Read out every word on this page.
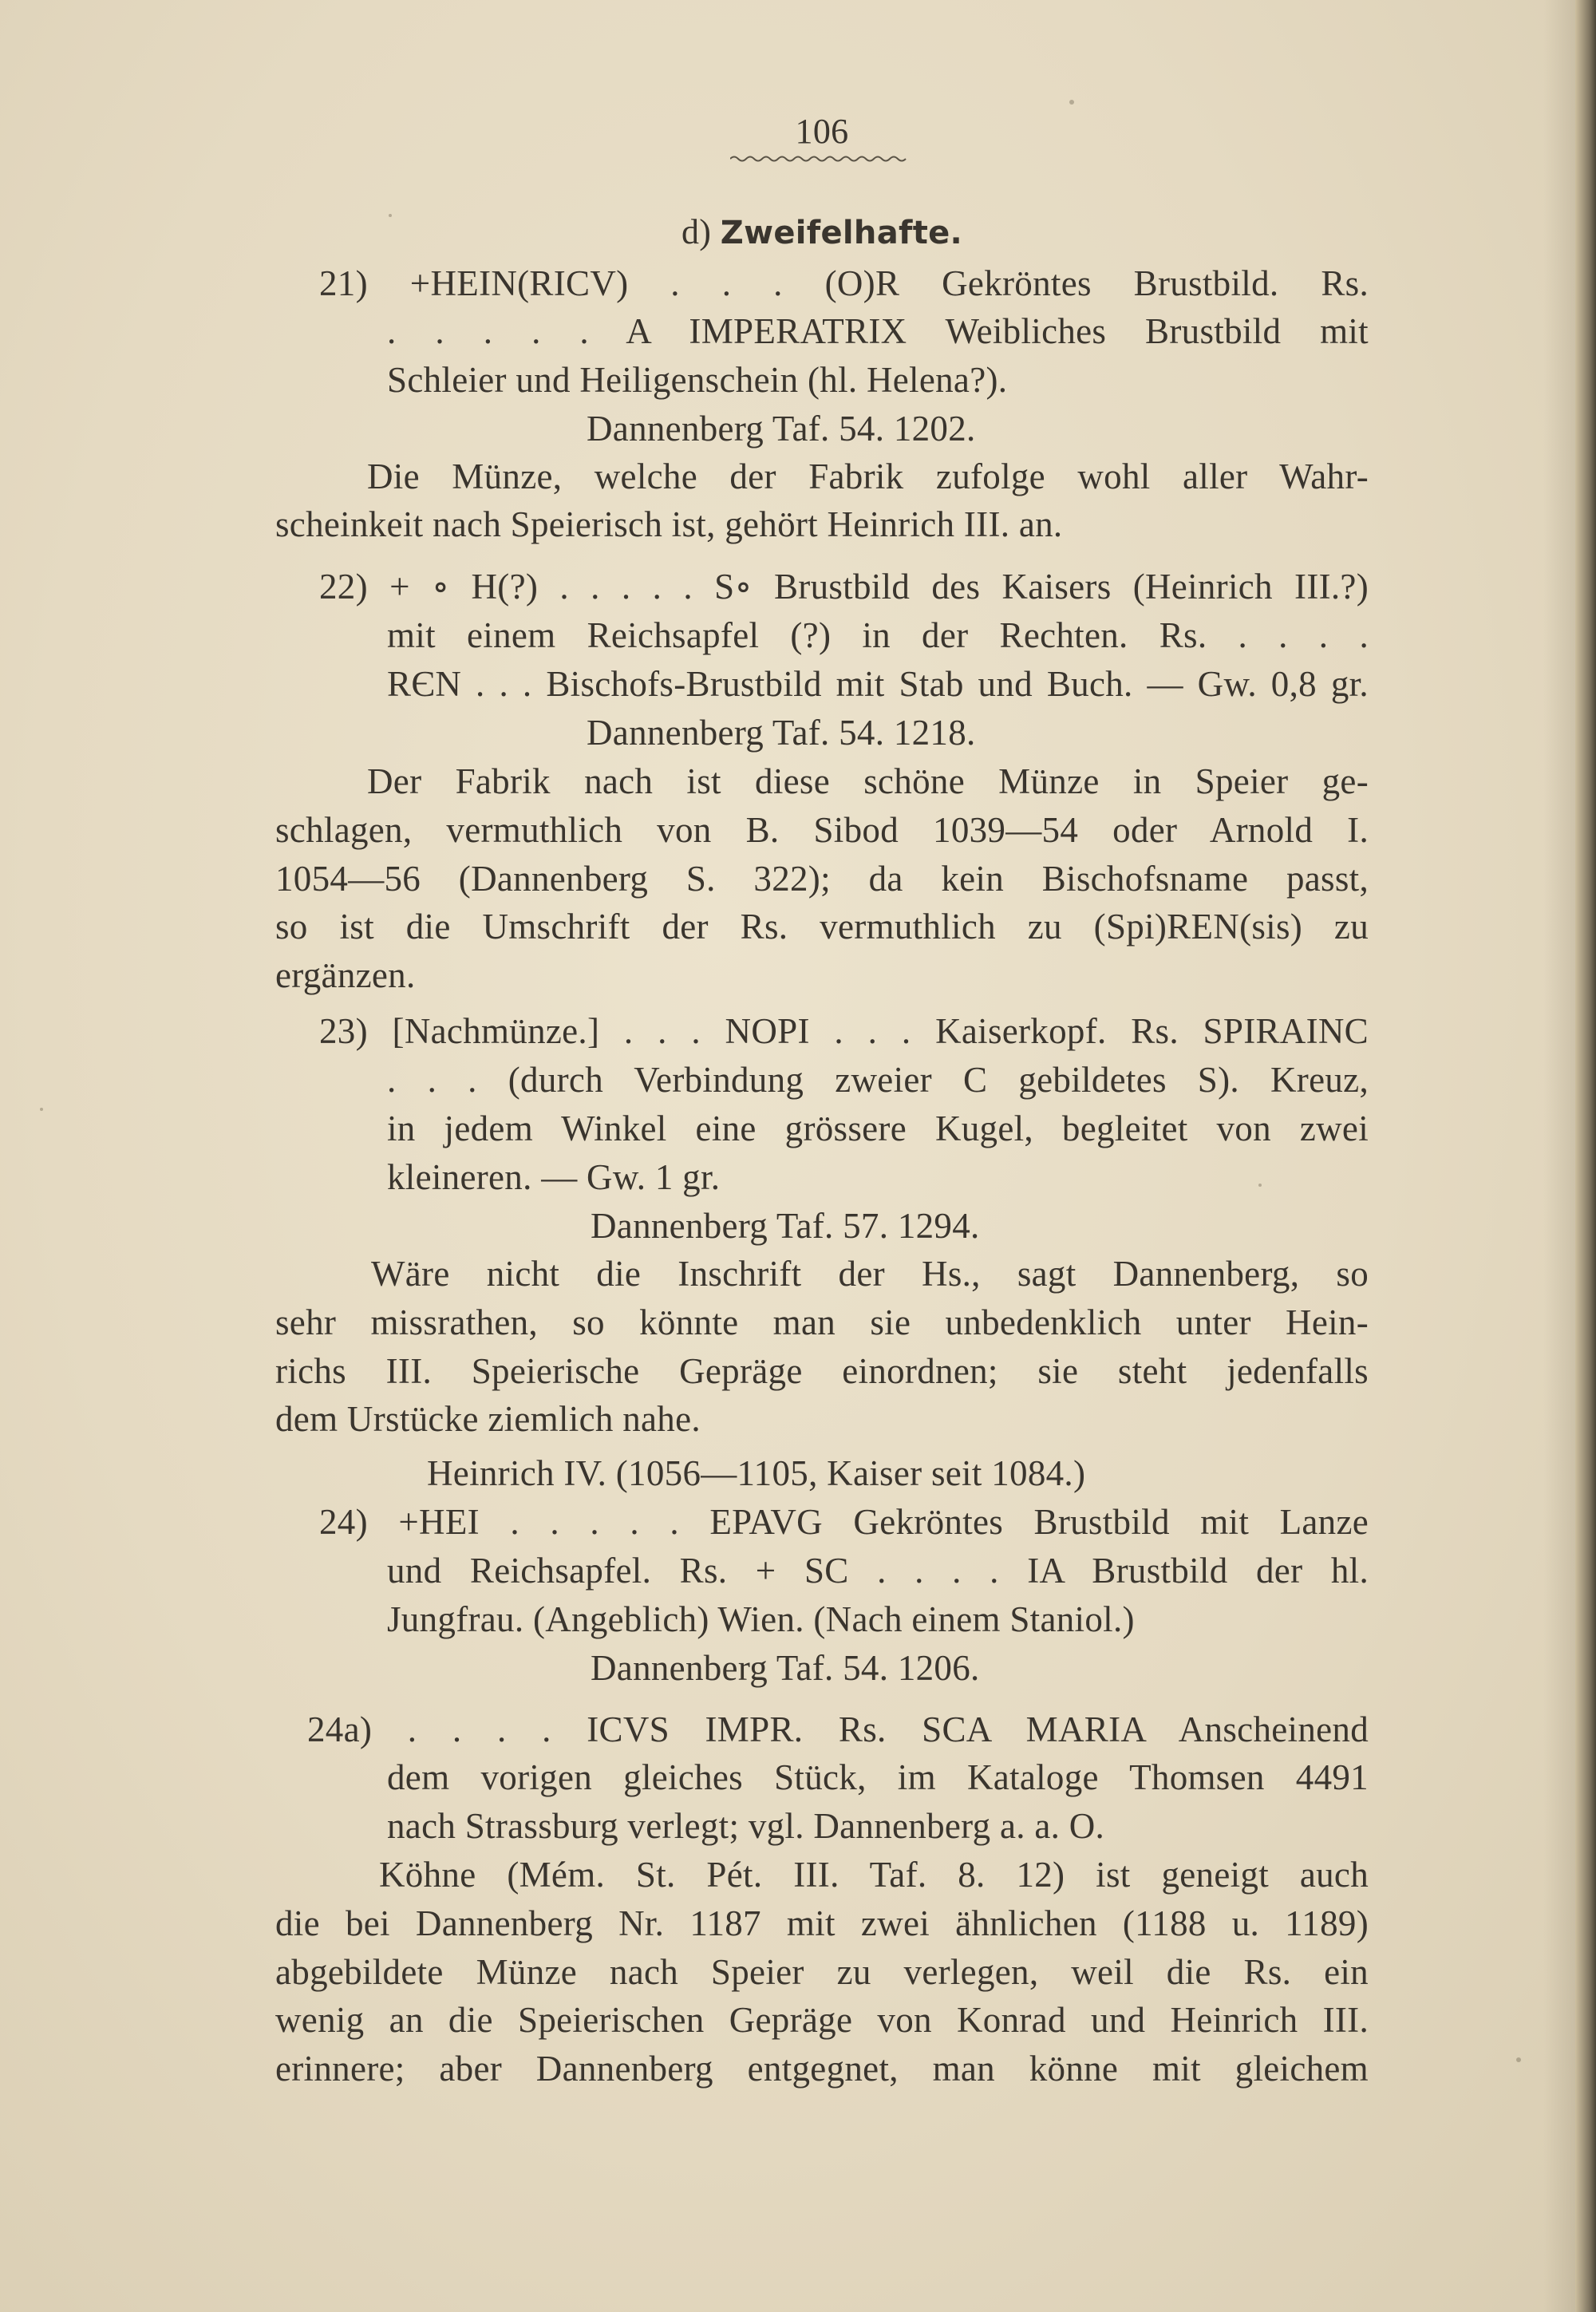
106
d) Zweifelhafte.
21) +HEIN(RICV) . . . (O)R Gekröntes Brustbild. Rs.
. . . . . A IMPERATRIX Weibliches Brustbild mit
Schleier und Heiligenschein (hl. Helena?).
Dannenberg Taf. 54. 1202.
Die Münze, welche der Fabrik zufolge wohl aller Wahr-
scheinkeit nach Speierisch ist, gehört Heinrich III. an.
22) + ∘ H(?) . . . . . S∘ Brustbild des Kaisers (Heinrich III.?)
mit einem Reichsapfel (?) in der Rechten. Rs. . . . .
RЄN . . . Bischofs-Brustbild mit Stab und Buch. — Gw. 0,8 gr.
Dannenberg Taf. 54. 1218.
Der Fabrik nach ist diese schöne Münze in Speier ge-
schlagen, vermuthlich von B. Sibod 1039—54 oder Arnold I.
1054—56 (Dannenberg S. 322); da kein Bischofsname passt,
so ist die Umschrift der Rs. vermuthlich zu (Spi)REN(sis) zu
ergänzen.
23) [Nachmünze.] . . . NOPI . . . Kaiserkopf. Rs. SPIRAINC
. . . (durch Verbindung zweier C gebildetes S). Kreuz,
in jedem Winkel eine grössere Kugel, begleitet von zwei
kleineren. — Gw. 1 gr.
Dannenberg Taf. 57. 1294.
Wäre nicht die Inschrift der Hs., sagt Dannenberg, so
sehr missrathen, so könnte man sie unbedenklich unter Hein-
richs III. Speierische Gepräge einordnen; sie steht jedenfalls
dem Urstücke ziemlich nahe.
Heinrich IV. (1056—1105, Kaiser seit 1084.)
24) +HEI . . . . . EPAVG Gekröntes Brustbild mit Lanze
und Reichsapfel. Rs. + SC . . . . IA Brustbild der hl.
Jungfrau. (Angeblich) Wien. (Nach einem Staniol.)
Dannenberg Taf. 54. 1206.
24a) . . . . ICVS IMPR. Rs. SCA MARIA Anscheinend
dem vorigen gleiches Stück, im Kataloge Thomsen 4491
nach Strassburg verlegt; vgl. Dannenberg a. a. O.
Köhne (Mém. St. Pét. III. Taf. 8. 12) ist geneigt auch
die bei Dannenberg Nr. 1187 mit zwei ähnlichen (1188 u. 1189)
abgebildete Münze nach Speier zu verlegen, weil die Rs. ein
wenig an die Speierischen Gepräge von Konrad und Heinrich III.
erinnere; aber Dannenberg entgegnet, man könne mit gleichem
